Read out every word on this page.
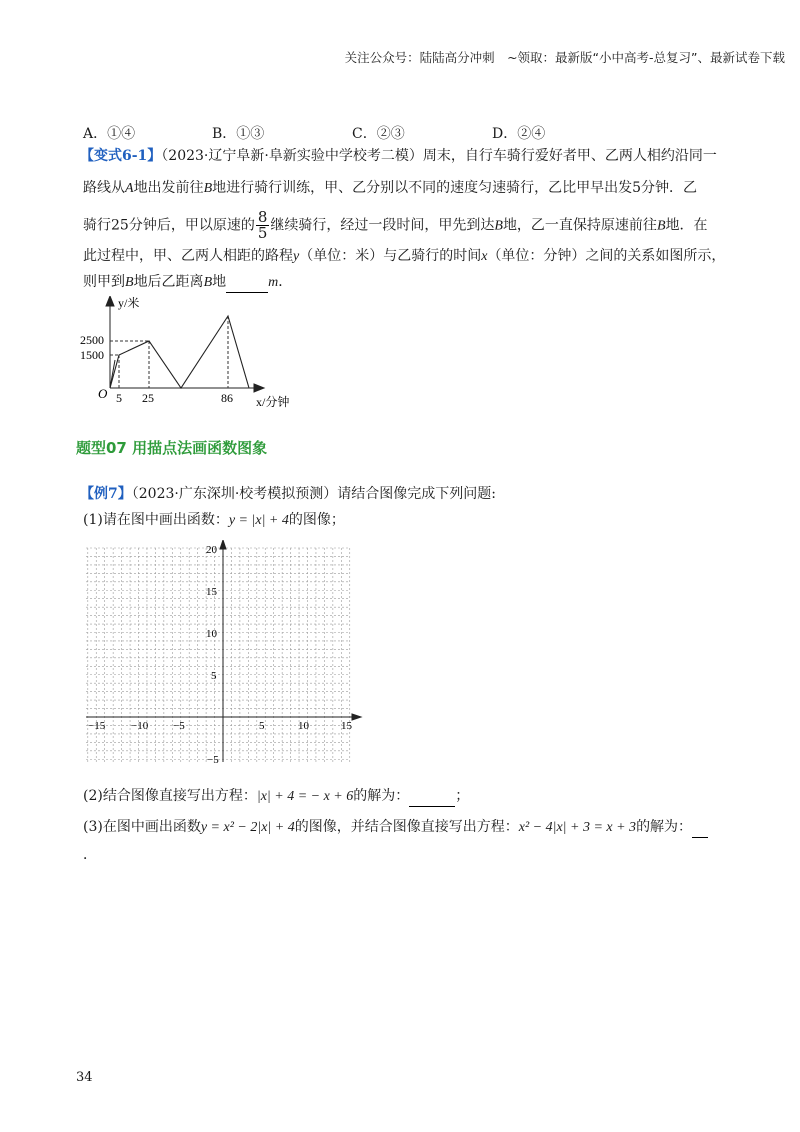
关注公众号：陆陆高分冲刺　~领取：最新版“小中高考-总复习”、最新试卷下载
A．①④	B．①③	C．②③	D．②④
【变式6-1】（2023·辽宁阜新·阜新实验中学校考二模）周末，自行车骑行爱好者甲、乙两人相约沿同一
路线从A地出发前往B地进行骑行训练，甲、乙分别以不同的速度匀速骑行，乙比甲早出发5分钟．乙
骑行25分钟后，甲以原速的 $\frac{8}{5}$ 继续骑行，经过一段时间，甲先到达B地，乙一直保持原速前往B地．在
此过程中，甲、乙两人相距的路程y（单位：米）与乙骑行的时间x（单位：分钟）之间的关系如图所示，
则甲到B地后乙距离B地	m．
y/米
2500
1500
O 5 25	86 x/分钟
题型07 用描点法画函数图象
【例7】（2023·广东深圳·校考模拟预测）请结合图像完成下列问题:
(1)请在图中画出函数：y = |x| + 4的图像；
20
15
10
5
−5
−15 −10 −5	5	10	15
(2)结合图像直接写出方程：|x| + 4 = − x + 6的解为：	；
(3)在图中画出函数y = x² − 2|x| + 4的图像，并结合图像直接写出方程：x² − 4|x| + 3 = x + 3的解为：
．
34
